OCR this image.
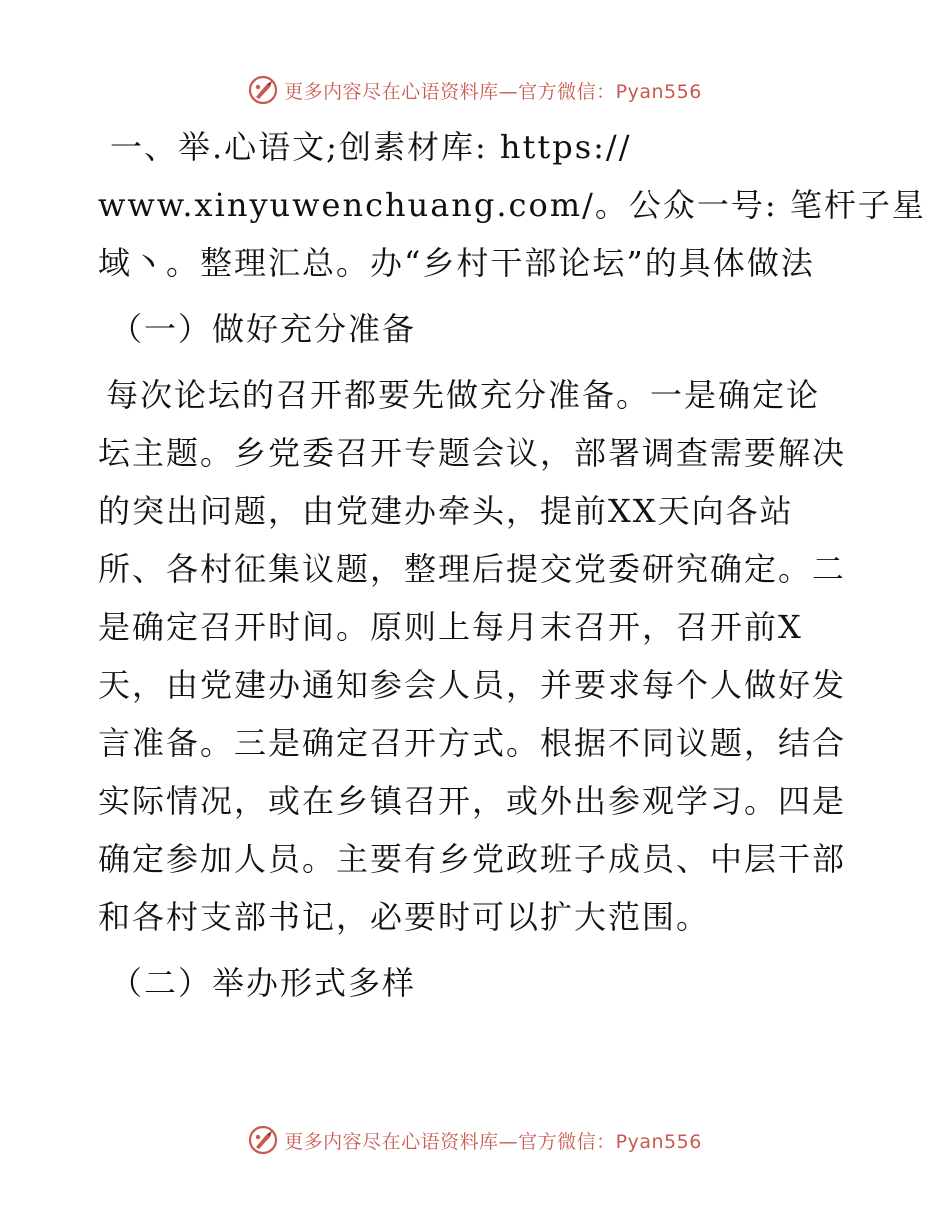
更多内容尽在心语资料库—官方微信：Pyan556
一、举.心语文;创素材库: https://
www.xinyuwenchuang.com/。公众一号: 笔杆子星
域丶。整理汇总。办“乡村干部论坛”的具体做法
（一）做好充分准备
每次论坛的召开都要先做充分准备。一是确定论
坛主题。乡党委召开专题会议，部署调查需要解决
的突出问题，由党建办牵头，提前XX天向各站
所、各村征集议题，整理后提交党委研究确定。二
是确定召开时间。原则上每月末召开，召开前X
天，由党建办通知参会人员，并要求每个人做好发
言准备。三是确定召开方式。根据不同议题，结合
实际情况，或在乡镇召开，或外出参观学习。四是
确定参加人员。主要有乡党政班子成员、中层干部
和各村支部书记，必要时可以扩大范围。
（二）举办形式多样
更多内容尽在心语资料库—官方微信：Pyan556
